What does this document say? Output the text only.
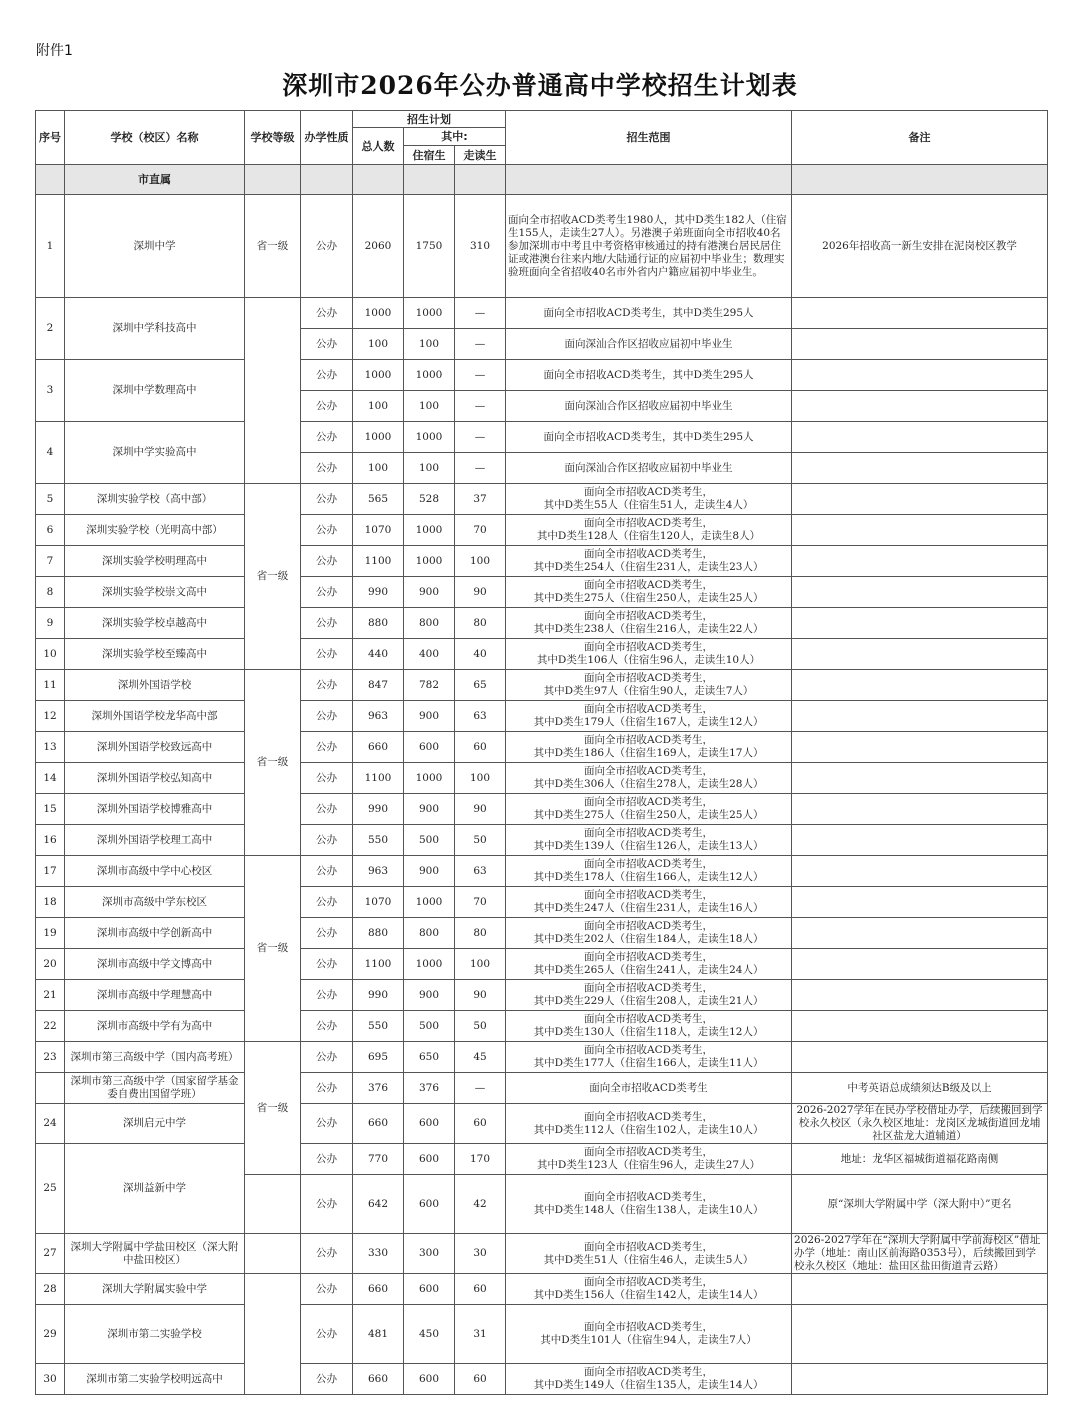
附件1
深圳市2026年公办普通高中学校招生计划表
序号	学校（校区）名称	学校等级	办学性质	招生计划			招生范围	备注
				总人数	其中:			
					住宿生	走读生		
	市直属							
1	深圳中学	省一级	公办	2060	1750	310	面向全市招收ACD类考生1980人，其中D类生182人（住宿生155人，走读生27人）。另港澳子弟班面向全市招收40名参加深圳市中考且中考资格审核通过的持有港澳台居民居住证或港澳台往来内地/大陆通行证的应届初中毕业生；数理实验班面向全省招收40名市外省内户籍应届初中毕业生。	2026年招收高一新生安排在泥岗校区教学
2	深圳中学科技高中		公办	1000	1000	—	面向全市招收ACD类考生，其中D类生295人	
			公办	100	100	—	面向深汕合作区招收应届初中毕业生	
3	深圳中学数理高中		公办	1000	1000	—	面向全市招收ACD类考生，其中D类生295人	
			公办	100	100	—	面向深汕合作区招收应届初中毕业生	
4	深圳中学实验高中		公办	1000	1000	—	面向全市招收ACD类考生，其中D类生295人	
			公办	100	100	—	面向深汕合作区招收应届初中毕业生	
5	深圳实验学校（高中部）	省一级	公办	565	528	37	面向全市招收ACD类考生，
其中D类生55人（住宿生51人，走读生4人）	
6	深圳实验学校（光明高中部）		公办	1070	1000	70	面向全市招收ACD类考生，
其中D类生128人（住宿生120人，走读生8人）	
7	深圳实验学校明理高中		公办	1100	1000	100	面向全市招收ACD类考生，
其中D类生254人（住宿生231人，走读生23人）	
8	深圳实验学校崇文高中		公办	990	900	90	面向全市招收ACD类考生，
其中D类生275人（住宿生250人，走读生25人）	
9	深圳实验学校卓越高中		公办	880	800	80	面向全市招收ACD类考生，
其中D类生238人（住宿生216人，走读生22人）	
10	深圳实验学校至臻高中		公办	440	400	40	面向全市招收ACD类考生，
其中D类生106人（住宿生96人，走读生10人）	
11	深圳外国语学校	省一级	公办	847	782	65	面向全市招收ACD类考生，
其中D类生97人（住宿生90人，走读生7人）	
12	深圳外国语学校龙华高中部		公办	963	900	63	面向全市招收ACD类考生，
其中D类生179人（住宿生167人，走读生12人）	
13	深圳外国语学校致远高中		公办	660	600	60	面向全市招收ACD类考生，
其中D类生186人（住宿生169人，走读生17人）	
14	深圳外国语学校弘知高中		公办	1100	1000	100	面向全市招收ACD类考生，
其中D类生306人（住宿生278人，走读生28人）	
15	深圳外国语学校博雅高中		公办	990	900	90	面向全市招收ACD类考生，
其中D类生275人（住宿生250人，走读生25人）	
16	深圳外国语学校理工高中		公办	550	500	50	面向全市招收ACD类考生，
其中D类生139人（住宿生126人，走读生13人）	
17	深圳市高级中学中心校区	省一级	公办	963	900	63	面向全市招收ACD类考生，
其中D类生178人（住宿生166人，走读生12人）	
18	深圳市高级中学东校区		公办	1070	1000	70	面向全市招收ACD类考生，
其中D类生247人（住宿生231人，走读生16人）	
19	深圳市高级中学创新高中		公办	880	800	80	面向全市招收ACD类考生，
其中D类生202人（住宿生184人，走读生18人）	
20	深圳市高级中学文博高中		公办	1100	1000	100	面向全市招收ACD类考生，
其中D类生265人（住宿生241人，走读生24人）	
21	深圳市高级中学理慧高中		公办	990	900	90	面向全市招收ACD类考生，
其中D类生229人（住宿生208人，走读生21人）	
22	深圳市高级中学有为高中		公办	550	500	50	面向全市招收ACD类考生，
其中D类生130人（住宿生118人，走读生12人）	
23	深圳市第三高级中学（国内高考班）	省一级	公办	695	650	45	面向全市招收ACD类考生，
其中D类生177人（住宿生166人，走读生11人）	
	深圳市第三高级中学（国家留学基金委自费出国留学班）		公办	376	376	—	面向全市招收ACD类考生	中考英语总成绩须达B级及以上
24	深圳启元中学		公办	660	600	60	面向全市招收ACD类考生，
其中D类生112人（住宿生102人，走读生10人）	2026-2027学年在民办学校借址办学，后续搬回到学校永久校区（永久校区地址：龙岗区龙城街道回龙埔社区盐龙大道辅道）
25	深圳益新中学		公办	770	600	170	面向全市招收ACD类考生，
其中D类生123人（住宿生96人，走读生27人）	地址：龙华区福城街道福花路南侧
			公办	642	600	42	面向全市招收ACD类考生，
其中D类生148人（住宿生138人，走读生10人）	原“深圳大学附属中学（深大附中）”更名
27	深圳大学附属中学盐田校区（深大附中盐田校区）		公办	330	300	30	面向全市招收ACD类考生，
其中D类生51人（住宿生46人，走读生5人）	2026-2027学年在“深圳大学附属中学前海校区”借址办学（地址：南山区前海路0353号），后续搬回到学校永久校区（地址：盐田区盐田街道青云路）
28	深圳大学附属实验中学		公办	660	600	60	面向全市招收ACD类考生，
其中D类生156人（住宿生142人，走读生14人）	
29	深圳市第二实验学校		公办	481	450	31	面向全市招收ACD类考生，
其中D类生101人（住宿生94人，走读生7人）	
30	深圳市第二实验学校明远高中		公办	660	600	60	面向全市招收ACD类考生，
其中D类生149人（住宿生135人，走读生14人）	
